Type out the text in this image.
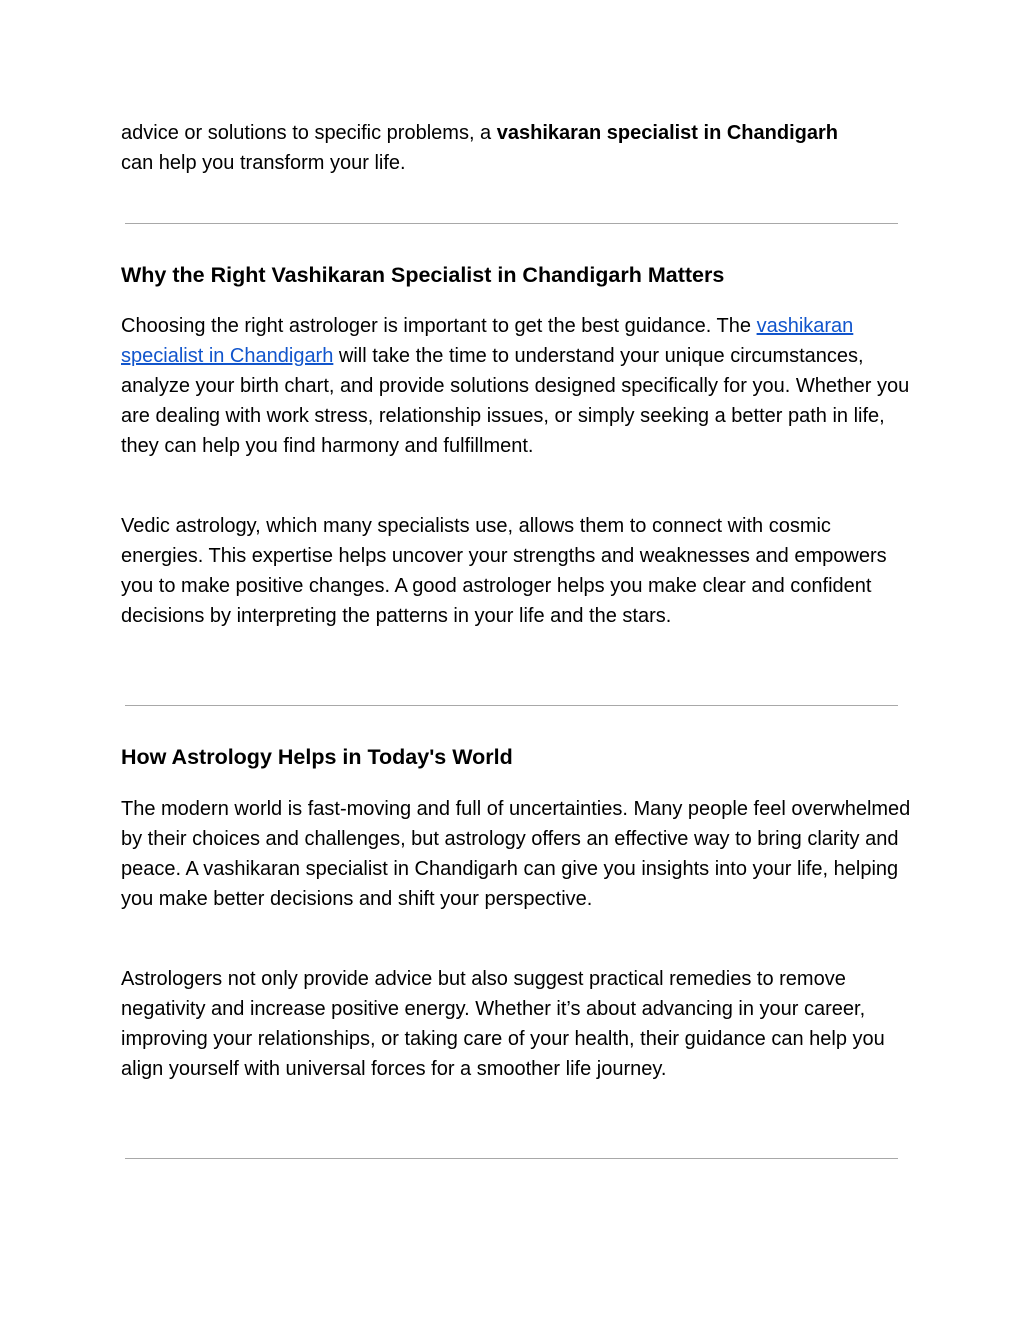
advice or solutions to specific problems, a vashikaran specialist in Chandigarh
can help you transform your life.

Why the Right Vashikaran Specialist in Chandigarh Matters

Choosing the right astrologer is important to get the best guidance. The vashikaran specialist in Chandigarh will take the time to understand your unique circumstances, analyze your birth chart, and provide solutions designed specifically for you. Whether you are dealing with work stress, relationship issues, or simply seeking a better path in life, they can help you find harmony and fulfillment.

Vedic astrology, which many specialists use, allows them to connect with cosmic energies. This expertise helps uncover your strengths and weaknesses and empowers you to make positive changes. A good astrologer helps you make clear and confident decisions by interpreting the patterns in your life and the stars.

How Astrology Helps in Today's World

The modern world is fast-moving and full of uncertainties. Many people feel overwhelmed by their choices and challenges, but astrology offers an effective way to bring clarity and peace. A vashikaran specialist in Chandigarh can give you insights into your life, helping you make better decisions and shift your perspective.

Astrologers not only provide advice but also suggest practical remedies to remove negativity and increase positive energy. Whether it’s about advancing in your career, improving your relationships, or taking care of your health, their guidance can help you align yourself with universal forces for a smoother life journey.
